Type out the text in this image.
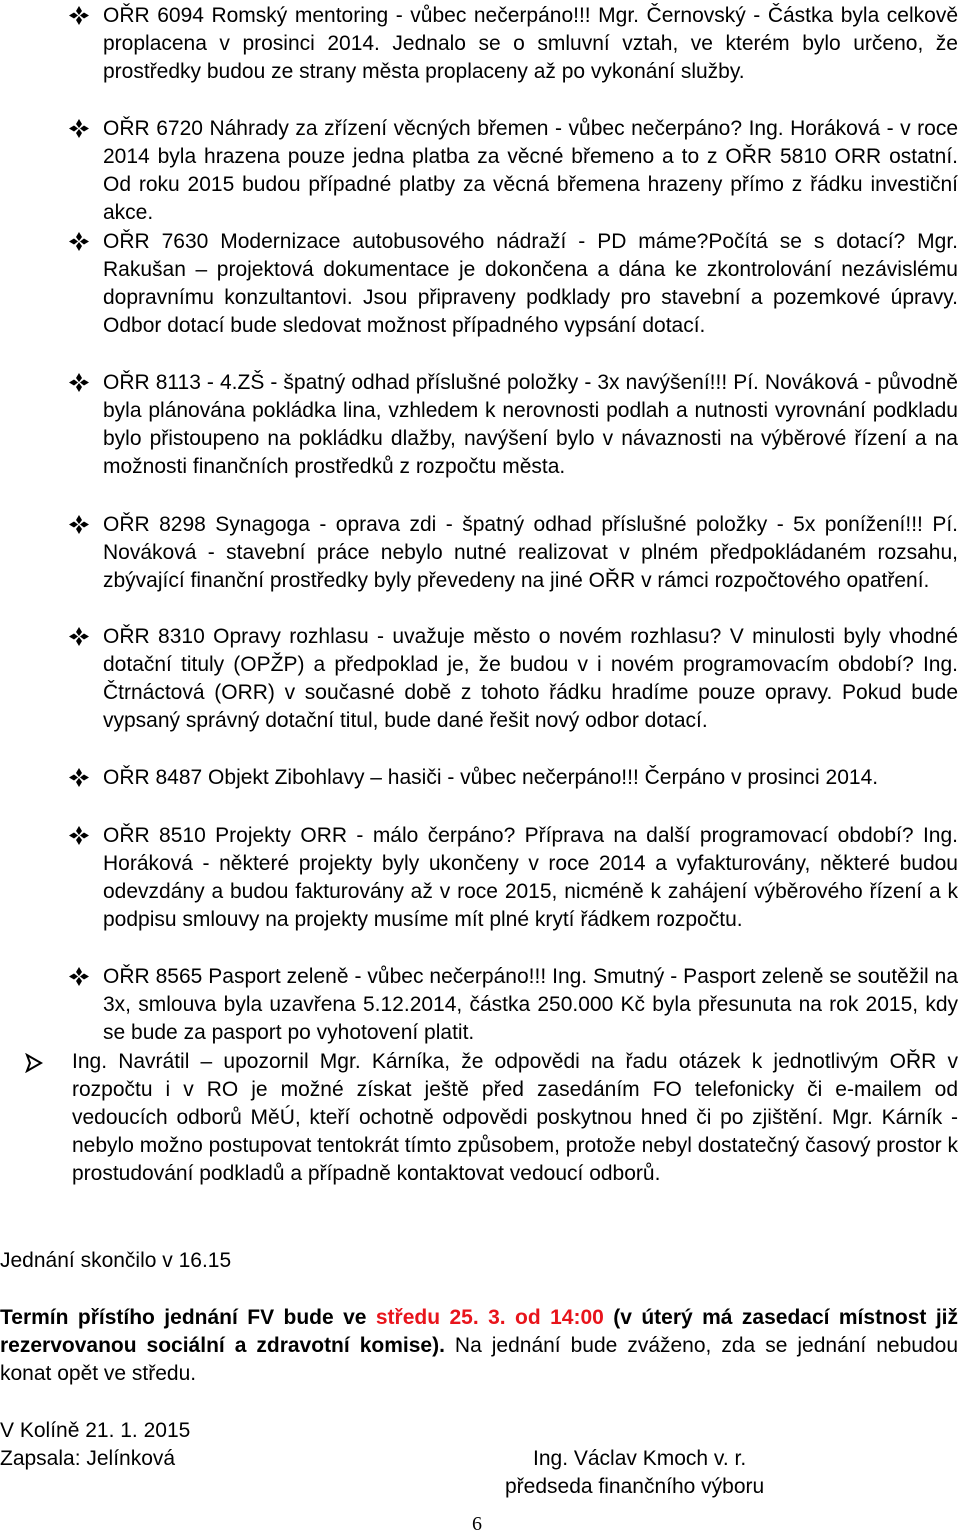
OŘR 6094 Romský mentoring - vůbec nečerpáno!!! Mgr. Černovský - Částka byla celkově proplacena v prosinci 2014. Jednalo se o smluvní vztah, ve kterém bylo určeno, že prostředky budou ze strany města proplaceny až po vykonání služby.
OŘR 6720 Náhrady za zřízení věcných břemen - vůbec nečerpáno? Ing. Horáková - v roce 2014 byla hrazena pouze jedna platba za věcné břemeno a to z OŘR 5810 ORR ostatní. Od roku 2015 budou případné platby za věcná břemena hrazeny přímo z řádku investiční akce.
OŘR 7630 Modernizace autobusového nádraží - PD máme?Počítá se s dotací? Mgr. Rakušan – projektová dokumentace je dokončena a dána ke zkontrolování nezávislému dopravnímu konzultantovi. Jsou připraveny podklady pro stavební a pozemkové úpravy. Odbor dotací bude sledovat možnost případného vypsání dotací.
OŘR 8113 - 4.ZŠ - špatný odhad příslušné položky - 3x navýšení!!! Pí. Nováková - původně byla plánována pokládka lina, vzhledem k nerovnosti podlah a nutnosti vyrovnání podkladu bylo přistoupeno na pokládku dlažby, navýšení bylo v návaznosti na výběrové řízení a na možnosti finančních prostředků z rozpočtu města.
OŘR 8298 Synagoga - oprava zdi - špatný odhad příslušné položky - 5x ponížení!!! Pí. Nováková - stavební práce nebylo nutné realizovat v plném předpokládaném rozsahu, zbývající finanční prostředky byly převedeny na jiné OŘR v rámci rozpočtového opatření.
OŘR 8310 Opravy rozhlasu - uvažuje město o novém rozhlasu? V minulosti byly vhodné dotační tituly (OPŽP) a předpoklad je, že budou v i novém programovacím období? Ing. Čtrnáctová (ORR) v současné době z tohoto řádku hradíme pouze opravy. Pokud bude vypsaný správný dotační titul, bude dané řešit nový odbor dotací.
OŘR 8487 Objekt Zibohlavy – hasiči - vůbec nečerpáno!!! Čerpáno v prosinci 2014.
OŘR 8510 Projekty ORR - málo čerpáno? Příprava na další programovací období? Ing. Horáková - některé projekty byly ukončeny v roce 2014 a vyfakturovány, některé budou odevzdány a budou fakturovány až v roce 2015, nicméně k zahájení výběrového řízení a k podpisu smlouvy na projekty musíme mít plné krytí řádkem rozpočtu.
OŘR 8565 Pasport zeleně - vůbec nečerpáno!!! Ing. Smutný - Pasport zeleně se soutěžil na 3x, smlouva byla uzavřena 5.12.2014, částka 250.000 Kč byla přesunuta na rok 2015, kdy se bude za pasport po vyhotovení platit.
Ing. Navrátil – upozornil Mgr. Kárníka, že odpovědi na řadu otázek k jednotlivým OŘR v rozpočtu i v RO je možné získat ještě před zasedáním FO telefonicky či e-mailem od vedoucích odborů MěÚ, kteří ochotně odpovědi poskytnou hned či po zjištění. Mgr. Kárník - nebylo možno postupovat tentokrát tímto způsobem, protože nebyl dostatečný časový prostor k prostudování podkladů a případně kontaktovat vedoucí odborů.
Jednání skončilo v 16.15
Termín přístího jednání FV bude ve středu 25. 3. od 14:00 (v úterý má zasedací místnost již rezervovanou sociální a zdravotní komise). Na jednání bude zváženo, zda se jednání nebudou konat opět ve středu.
V Kolíně 21. 1. 2015
Zapsala: Jelínková	Ing. Václav Kmoch v. r.
předseda finančního výboru
6
